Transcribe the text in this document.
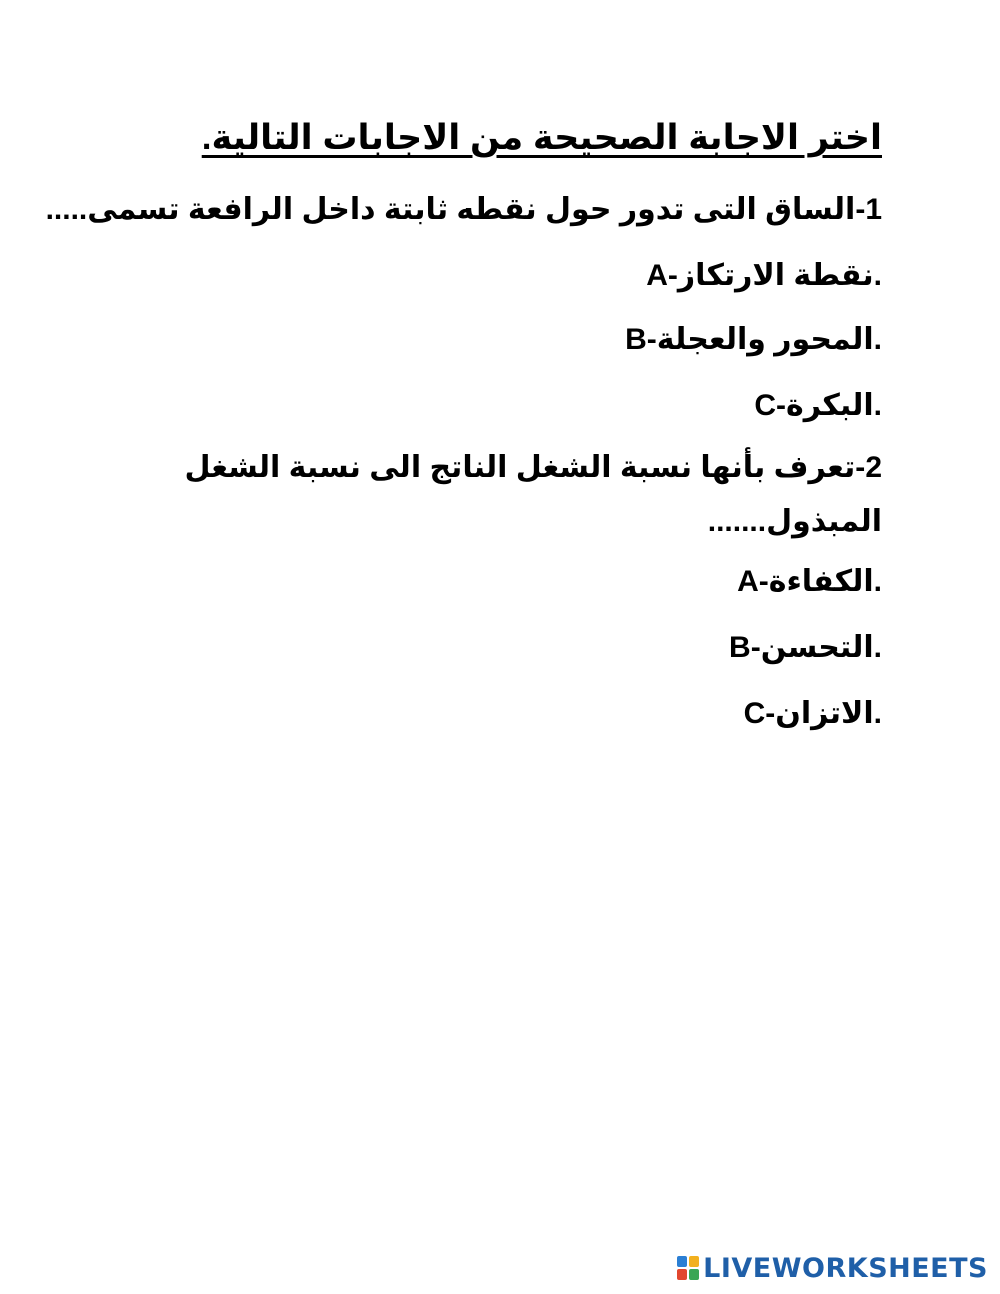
اختر الاجابة الصحيحة من الاجابات التالية.
1-الساق التى تدور حول نقطه ثابتة داخل الرافعة تسمى.....
A-نقطة الارتكاز.
B-المحور والعجلة.
C-البكرة.
2-تعرف بأنها نسبة الشغل الناتج الى نسبة الشغل
المبذول.......
A-الكفاءة.
B-التحسن.
C-الاتزان.
LIVEWORKSHEETS
